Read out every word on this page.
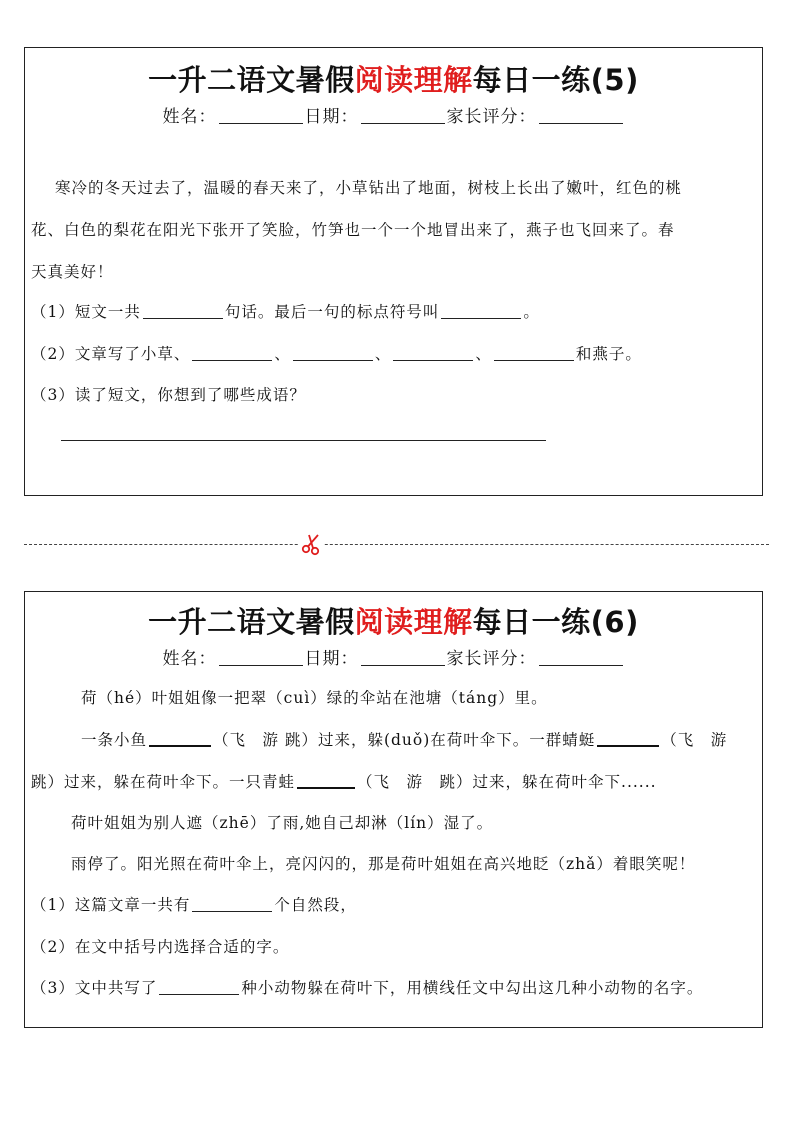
一升二语文暑假阅读理解每日一练(5)
姓名：	日期：	家长评分：
寒冷的冬天过去了，温暖的春天来了，小草钻出了地面，树枝上长出了嫩叶，红色的桃
花、白色的梨花在阳光下张开了笑脸，竹笋也一个一个地冒出来了，燕子也飞回来了。春
天真美好！
（1）短文一共	句话。最后一句的标点符号叫	。
（2）文章写了小草、	、	、	、	和燕子。
（3）读了短文，你想到了哪些成语？
一升二语文暑假阅读理解每日一练(6)
姓名：	日期：	家长评分：
荷（hé）叶姐姐像一把翠（cuì）绿的伞站在池塘（táng）里。
一条小鱼	（飞　游 跳）过来，躲(duǒ)在荷叶伞下。一群蜻蜓	（飞　游
跳）过来，躲在荷叶伞下。一只青蛙	（飞　游　跳）过来，躲在荷叶伞下......
荷叶姐姐为别人遮（zhē）了雨,她自己却淋（lín）湿了。
雨停了。阳光照在荷叶伞上，亮闪闪的，那是荷叶姐姐在高兴地眨（zhǎ）着眼笑呢！
（1）这篇文章一共有	个自然段，
（2）在文中括号内选择合适的字。
（3）文中共写了	种小动物躲在荷叶下，用横线任文中勾出这几种小动物的名字。
